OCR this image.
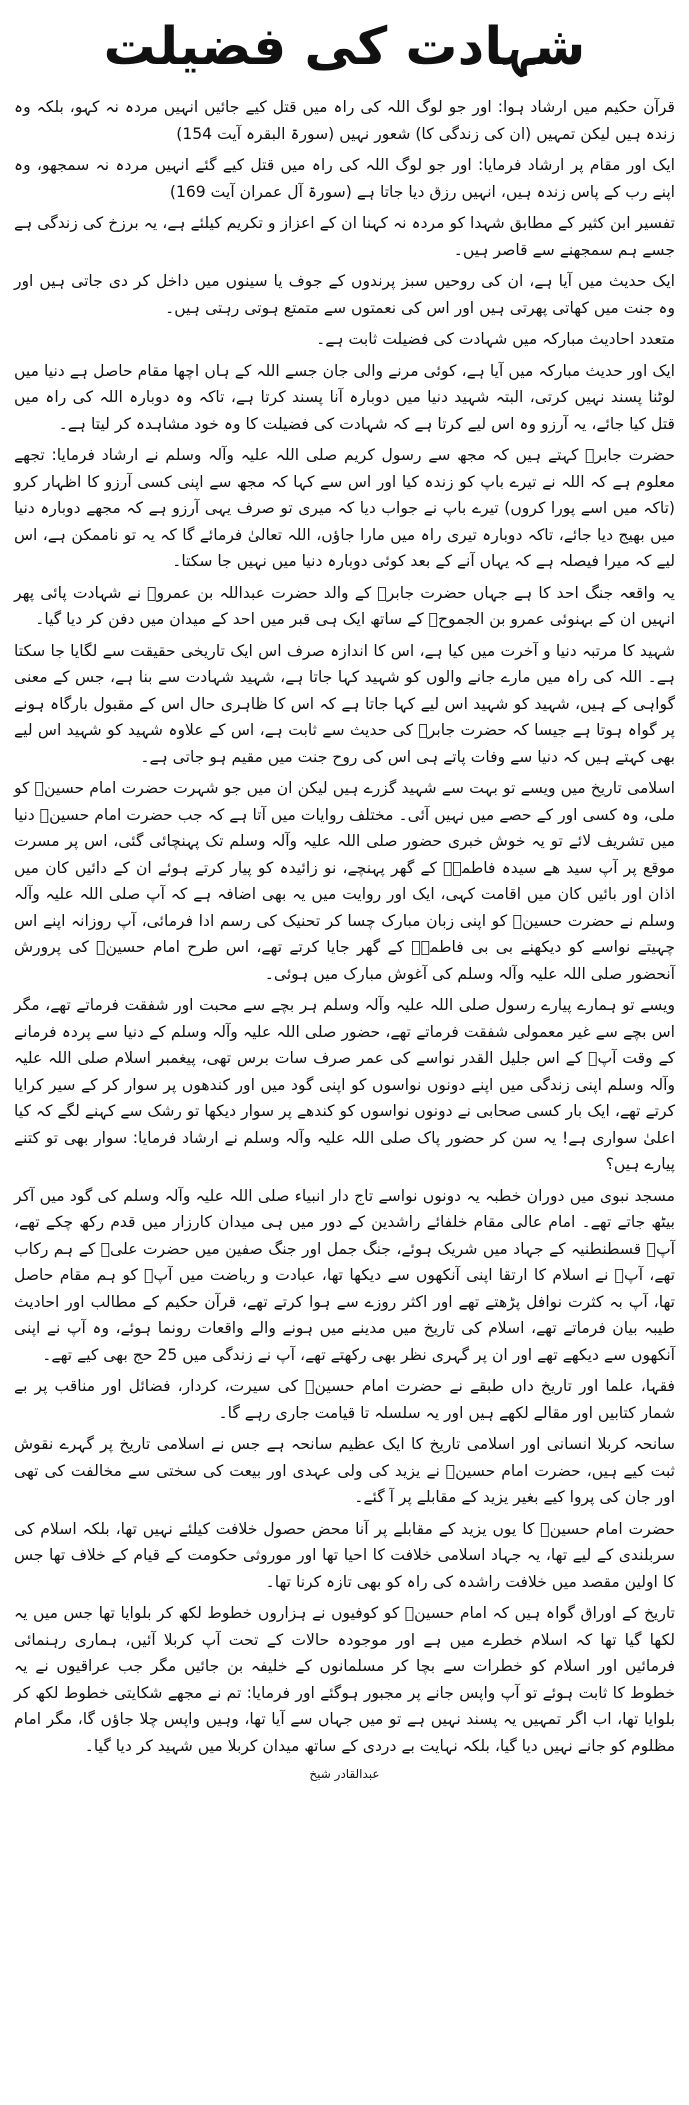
شہادت کی فضیلت

قرآن حکیم میں ارشاد ہوا: اور جو لوگ اللہ کی راہ میں قتل کیے جائیں انہیں مردہ نہ کہو، بلکہ وہ زندہ ہیں لیکن تمہیں (ان کی زندگی کا) شعور نہیں (سورۃ البقرہ آیت 154)

ایک اور مقام پر ارشاد فرمایا: اور جو لوگ اللہ کی راہ میں قتل کیے گئے انہیں مردہ نہ سمجھو، وہ اپنے رب کے پاس زندہ ہیں، انہیں رزق دیا جاتا ہے (سورۃ آل عمران آیت 169)

تفسیر ابن کثیر کے مطابق شہدا کو مردہ نہ کہنا ان کے اعزاز و تکریم کیلئے ہے، یہ برزخ کی زندگی ہے جسے ہم سمجھنے سے قاصر ہیں۔

ایک حدیث میں آیا ہے، ان کی روحیں سبز پرندوں کے جوف یا سینوں میں داخل کر دی جاتی ہیں اور وہ جنت میں کھاتی پھرتی ہیں اور اس کی نعمتوں سے متمتع ہوتی رہتی ہیں۔

متعدد احادیث مبارکہ میں شہادت کی فضیلت ثابت ہے۔

ایک اور حدیث مبارکہ میں آیا ہے، کوئی مرنے والی جان جسے اللہ کے ہاں اچھا مقام حاصل ہے دنیا میں لوٹنا پسند نہیں کرتی، البتہ شہید دنیا میں دوبارہ آنا پسند کرتا ہے، تاکہ وہ دوبارہ اللہ کی راہ میں قتل کیا جائے، یہ آرزو وہ اس لیے کرتا ہے کہ شہادت کی فضیلت کا وہ خود مشاہدہ کر لیتا ہے۔

حضرت جابرؓ کہتے ہیں کہ مجھ سے رسول کریم صلی اللہ علیہ وآلہ وسلم نے ارشاد فرمایا: تجھے معلوم ہے کہ اللہ نے تیرے باپ کو زندہ کیا اور اس سے کہا کہ مجھ سے اپنی کسی آرزو کا اظہار کرو (تاکہ میں اسے پورا کروں) تیرے باپ نے جواب دیا کہ میری تو صرف یہی آرزو ہے کہ مجھے دوبارہ دنیا میں بھیج دیا جائے، تاکہ دوبارہ تیری راہ میں مارا جاؤں، اللہ تعالیٰ فرمائے گا کہ یہ تو ناممکن ہے، اس لیے کہ میرا فیصلہ ہے کہ یہاں آنے کے بعد کوئی دوبارہ دنیا میں نہیں جا سکتا۔

یہ واقعہ جنگ احد کا ہے جہاں حضرت جابرؓ کے والد حضرت عبداللہ بن عمروؓ نے شہادت پائی پھر انہیں ان کے بہنوئی عمرو بن الجموحؓ کے ساتھ ایک ہی قبر میں احد کے میدان میں دفن کر دیا گیا۔

شہید کا مرتبہ دنیا و آخرت میں کیا ہے، اس کا اندازہ صرف اس ایک تاریخی حقیقت سے لگایا جا سکتا ہے۔ اللہ کی راہ میں مارے جانے والوں کو شہید کہا جاتا ہے، شہید شہادت سے بنا ہے، جس کے معنی گواہی کے ہیں، شہید کو شہید اس لیے کہا جاتا ہے کہ اس کا ظاہری حال اس کے مقبول بارگاہ ہونے پر گواہ ہوتا ہے جیسا کہ حضرت جابرؓ کی حدیث سے ثابت ہے، اس کے علاوہ شہید کو شہید اس لیے بھی کہتے ہیں کہ دنیا سے وفات پاتے ہی اس کی روح جنت میں مقیم ہو جاتی ہے۔

اسلامی تاریخ میں ویسے تو بہت سے شہید گزرے ہیں لیکن ان میں جو شہرت حضرت امام حسینؓ کو ملی، وہ کسی اور کے حصے میں نہیں آئی۔ مختلف روایات میں آتا ہے کہ جب حضرت امام حسینؓ دنیا میں تشریف لائے تو یہ خوش خبری حضور صلی اللہ علیہ وآلہ وسلم تک پہنچائی گئی، اس پر مسرت موقع پر آپ سید ھے سیدہ فاطمہؓ کے گھر پہنچے، نو زائیدہ کو پیار کرتے ہوئے ان کے دائیں کان میں اذان اور بائیں کان میں اقامت کہی، ایک اور روایت میں یہ بھی اضافہ ہے کہ آپ صلی اللہ علیہ وآلہ وسلم نے حضرت حسینؓ کو اپنی زبان مبارک چسا کر تحنیک کی رسم ادا فرمائی، آپ روزانہ اپنے اس چہیتے نواسے کو دیکھنے بی بی فاطمہؓ کے گھر جایا کرتے تھے، اس طرح امام حسینؓ کی پرورش آنحضور صلی اللہ علیہ وآلہ وسلم کی آغوش مبارک میں ہوئی۔

ویسے تو ہمارے پیارے رسول صلی اللہ علیہ وآلہ وسلم ہر بچے سے محبت اور شفقت فرماتے تھے، مگر اس بچے سے غیر معمولی شفقت فرماتے تھے، حضور صلی اللہ علیہ وآلہ وسلم کے دنیا سے پردہ فرمانے کے وقت آپؓ کے اس جلیل القدر نواسے کی عمر صرف سات برس تھی، پیغمبر اسلام صلی اللہ علیہ وآلہ وسلم اپنی زندگی میں اپنے دونوں نواسوں کو اپنی گود میں اور کندھوں پر سوار کر کے سیر کرایا کرتے تھے، ایک بار کسی صحابی نے دونوں نواسوں کو کندھے پر سوار دیکھا تو رشک سے کہنے لگے کہ کیا اعلیٰ سواری ہے! یہ سن کر حضور پاک صلی اللہ علیہ وآلہ وسلم نے ارشاد فرمایا: سوار بھی تو کتنے پیارے ہیں؟

مسجد نبوی میں دوران خطبہ یہ دونوں نواسے تاج دار انبیاء صلی اللہ علیہ وآلہ وسلم کی گود میں آکر بیٹھ جاتے تھے۔ امام عالی مقام خلفائے راشدین کے دور میں ہی میدان کارزار میں قدم رکھ چکے تھے، آپؓ قسطنطنیہ کے جہاد میں شریک ہوئے، جنگ جمل اور جنگ صفین میں حضرت علیؓ کے ہم رکاب تھے، آپؓ نے اسلام کا ارتقا اپنی آنکھوں سے دیکھا تھا، عبادت و ریاضت میں آپؓ کو ہم مقام حاصل تھا، آپ بہ کثرت نوافل پڑھتے تھے اور اکثر روزے سے ہوا کرتے تھے، قرآن حکیم کے مطالب اور احادیث طیبہ بیان فرماتے تھے، اسلام کی تاریخ میں مدینے میں ہونے والے واقعات رونما ہوئے، وہ آپ نے اپنی آنکھوں سے دیکھے تھے اور ان پر گہری نظر بھی رکھتے تھے، آپ نے زندگی میں 25 حج بھی کیے تھے۔

فقہا، علما اور تاریخ داں طبقے نے حضرت امام حسینؓ کی سیرت، کردار، فضائل اور مناقب پر بے شمار کتابیں اور مقالے لکھے ہیں اور یہ سلسلہ تا قیامت جاری رہے گا۔

سانحہ کربلا انسانی اور اسلامی تاریخ کا ایک عظیم سانحہ ہے جس نے اسلامی تاریخ پر گہرے نقوش ثبت کیے ہیں، حضرت امام حسینؓ نے یزید کی ولی عہدی اور بیعت کی سختی سے مخالفت کی تھی اور جان کی پروا کیے بغیر یزید کے مقابلے پر آ گئے۔

حضرت امام حسینؓ کا یوں یزید کے مقابلے پر آنا محض حصول خلافت کیلئے نہیں تھا، بلکہ اسلام کی سربلندی کے لیے تھا، یہ جہاد اسلامی خلافت کا احیا تھا اور موروثی حکومت کے قیام کے خلاف تھا جس کا اولین مقصد میں خلافت راشدہ کی راہ کو بھی تازہ کرنا تھا۔

تاریخ کے اوراق گواہ ہیں کہ امام حسینؓ کو کوفیوں نے ہزاروں خطوط لکھ کر بلوایا تھا جس میں یہ لکھا گیا تھا کہ اسلام خطرے میں ہے اور موجودہ حالات کے تحت آپ کربلا آئیں، ہماری رہنمائی فرمائیں اور اسلام کو خطرات سے بچا کر مسلمانوں کے خلیفہ بن جائیں مگر جب عراقیوں نے یہ خطوط کا ثابت ہوئے تو آپ واپس جانے پر مجبور ہوگئے اور فرمایا: تم نے مجھے شکایتی خطوط لکھ کر بلوایا تھا، اب اگر تمہیں یہ پسند نہیں ہے تو میں جہاں سے آیا تھا، وہیں واپس چلا جاؤں گا، مگر امام مظلوم کو جانے نہیں دیا گیا، بلکہ نہایت بے دردی کے ساتھ میدان کربلا میں شہید کر دیا گیا۔

عبدالقادر شیخ
